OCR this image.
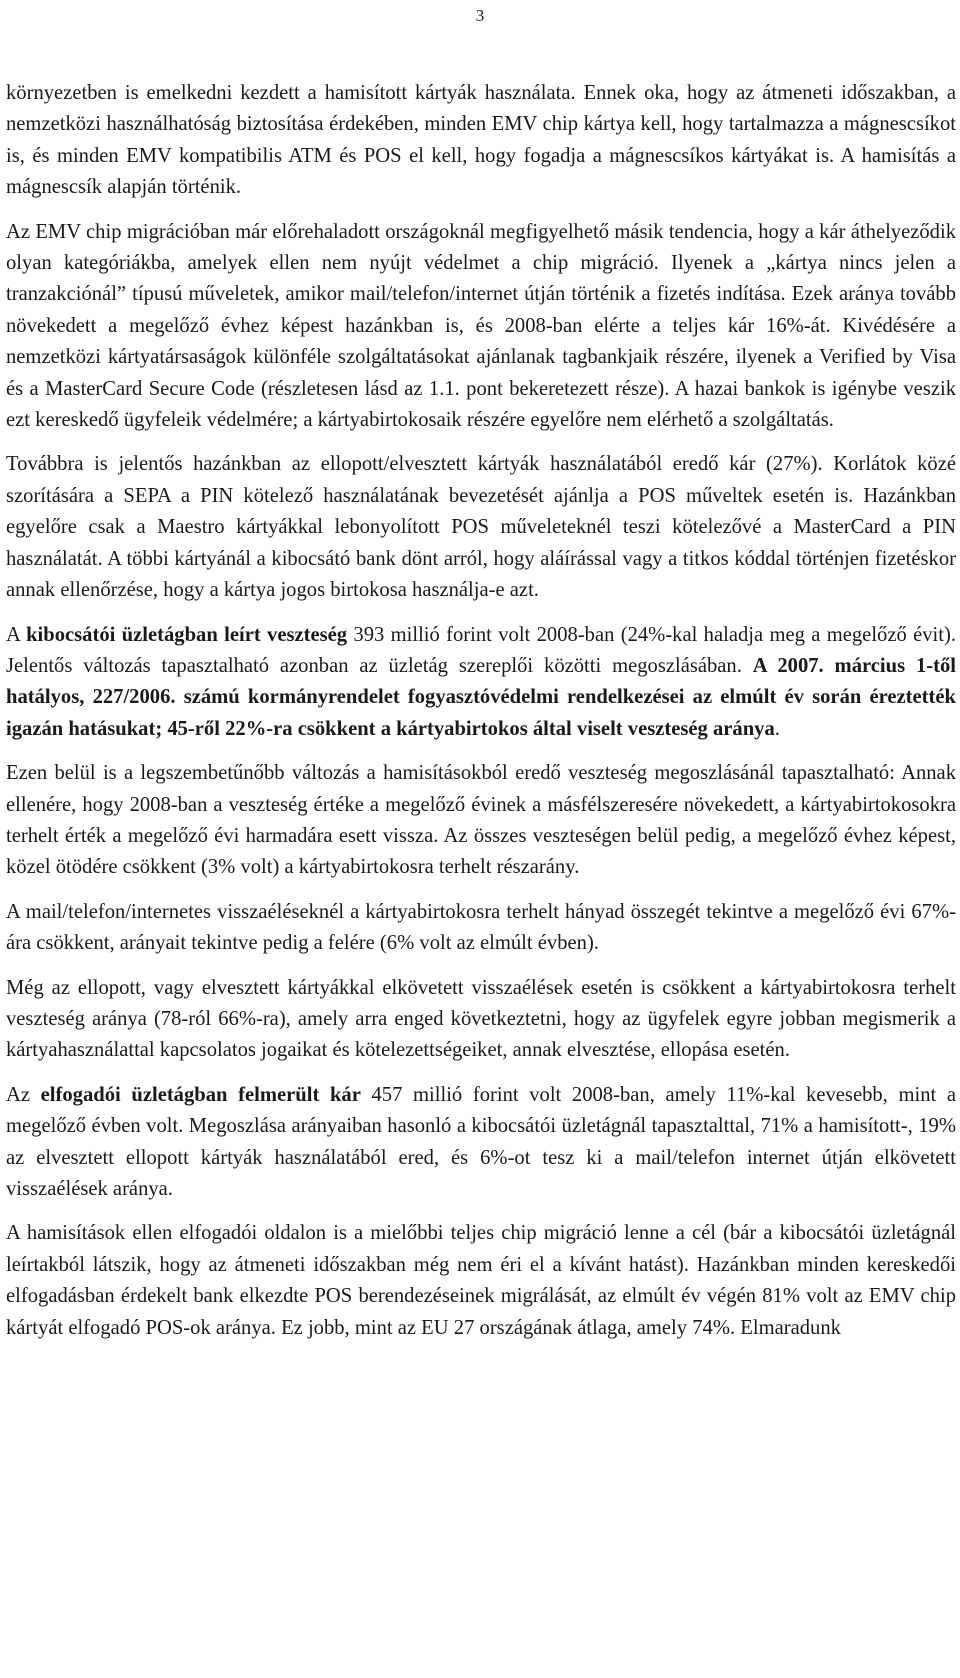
3

környezetben is emelkedni kezdett a hamisított kártyák használata. Ennek oka, hogy az átmeneti időszakban, a nemzetközi használhatóság biztosítása érdekében, minden EMV chip kártya kell, hogy tartalmazza a mágnescsíkot is, és minden EMV kompatibilis ATM és POS el kell, hogy fogadja a mágnescsíkos kártyákat is. A hamisítás a mágnescsík alapján történik.

Az EMV chip migrációban már előrehaladott országoknál megfigyelhető másik tendencia, hogy a kár áthelyeződik olyan kategóriákba, amelyek ellen nem nyújt védelmet a chip migráció. Ilyenek a „kártya nincs jelen a tranzakciónál” típusú műveletek, amikor mail/telefon/internet útján történik a fizetés indítása. Ezek aránya tovább növekedett a megelőző évhez képest hazánkban is, és 2008-ban elérte a teljes kár 16%-át. Kivédésére a nemzetközi kártyatársaságok különféle szolgáltatásokat ajánlanak tagbankjaik részére, ilyenek a Verified by Visa és a MasterCard Secure Code (részletesen lásd az 1.1. pont bekeretezett része). A hazai bankok is igénybe veszik ezt kereskedő ügyfeleik védelmére; a kártyabirtokosaik részére egyelőre nem elérhető a szolgáltatás.

Továbbra is jelentős hazánkban az ellopott/elvesztett kártyák használatából eredő kár (27%). Korlátok közé szorítására a SEPA a PIN kötelező használatának bevezetését ajánlja a POS műveltek esetén is. Hazánkban egyelőre csak a Maestro kártyákkal lebonyolított POS műveleteknél teszi kötelezővé a MasterCard a PIN használatát. A többi kártyánál a kibocsátó bank dönt arról, hogy aláírással vagy a titkos kóddal történjen fizetéskor annak ellenőrzése, hogy a kártya jogos birtokosa használja-e azt.

A kibocsátói üzletágban leírt veszteség 393 millió forint volt 2008-ban (24%-kal haladja meg a megelőző évit). Jelentős változás tapasztalható azonban az üzletág szereplői közötti megoszlásában. A 2007. március 1-től hatályos, 227/2006. számú kormányrendelet fogyasztóvédelmi rendelkezései az elmúlt év során éreztették igazán hatásukat; 45-ről 22%-ra csökkent a kártyabirtokos által viselt veszteség aránya.

Ezen belül is a legszembetűnőbb változás a hamisításokból eredő veszteség megoszlásánál tapasztalható: Annak ellenére, hogy 2008-ban a veszteség értéke a megelőző évinek a másfélszeresére növekedett, a kártyabirtokosokra terhelt érték a megelőző évi harmadára esett vissza. Az összes veszteségen belül pedig, a megelőző évhez képest, közel ötödére csökkent (3% volt) a kártyabirtokosra terhelt részarány.

A mail/telefon/internetes visszaéléseknél a kártyabirtokosra terhelt hányad összegét tekintve a megelőző évi 67%-ára csökkent, arányait tekintve pedig a felére (6% volt az elmúlt évben).

Még az ellopott, vagy elvesztett kártyákkal elkövetett visszaélések esetén is csökkent a kártyabirtokosra terhelt veszteség aránya (78-ról 66%-ra), amely arra enged következtetni, hogy az ügyfelek egyre jobban megismerik a kártyahasználattal kapcsolatos jogaikat és kötelezettségeiket, annak elvesztése, ellopása esetén.

Az elfogadói üzletágban felmerült kár 457 millió forint volt 2008-ban, amely 11%-kal kevesebb, mint a megelőző évben volt. Megoszlása arányaiban hasonló a kibocsátói üzletágnál tapasztalttal, 71% a hamisított-, 19% az elvesztett ellopott kártyák használatából ered, és 6%-ot tesz ki a mail/telefon internet útján elkövetett visszaélések aránya.

A hamisítások ellen elfogadói oldalon is a mielőbbi teljes chip migráció lenne a cél (bár a kibocsátói üzletágnál leírtakból látszik, hogy az átmeneti időszakban még nem éri el a kívánt hatást). Hazánkban minden kereskedői elfogadásban érdekelt bank elkezdte POS berendezéseinek migrálását, az elmúlt év végén 81% volt az EMV chip kártyát elfogadó POS-ok aránya. Ez jobb, mint az EU 27 országának átlaga, amely 74%. Elmaradunk
